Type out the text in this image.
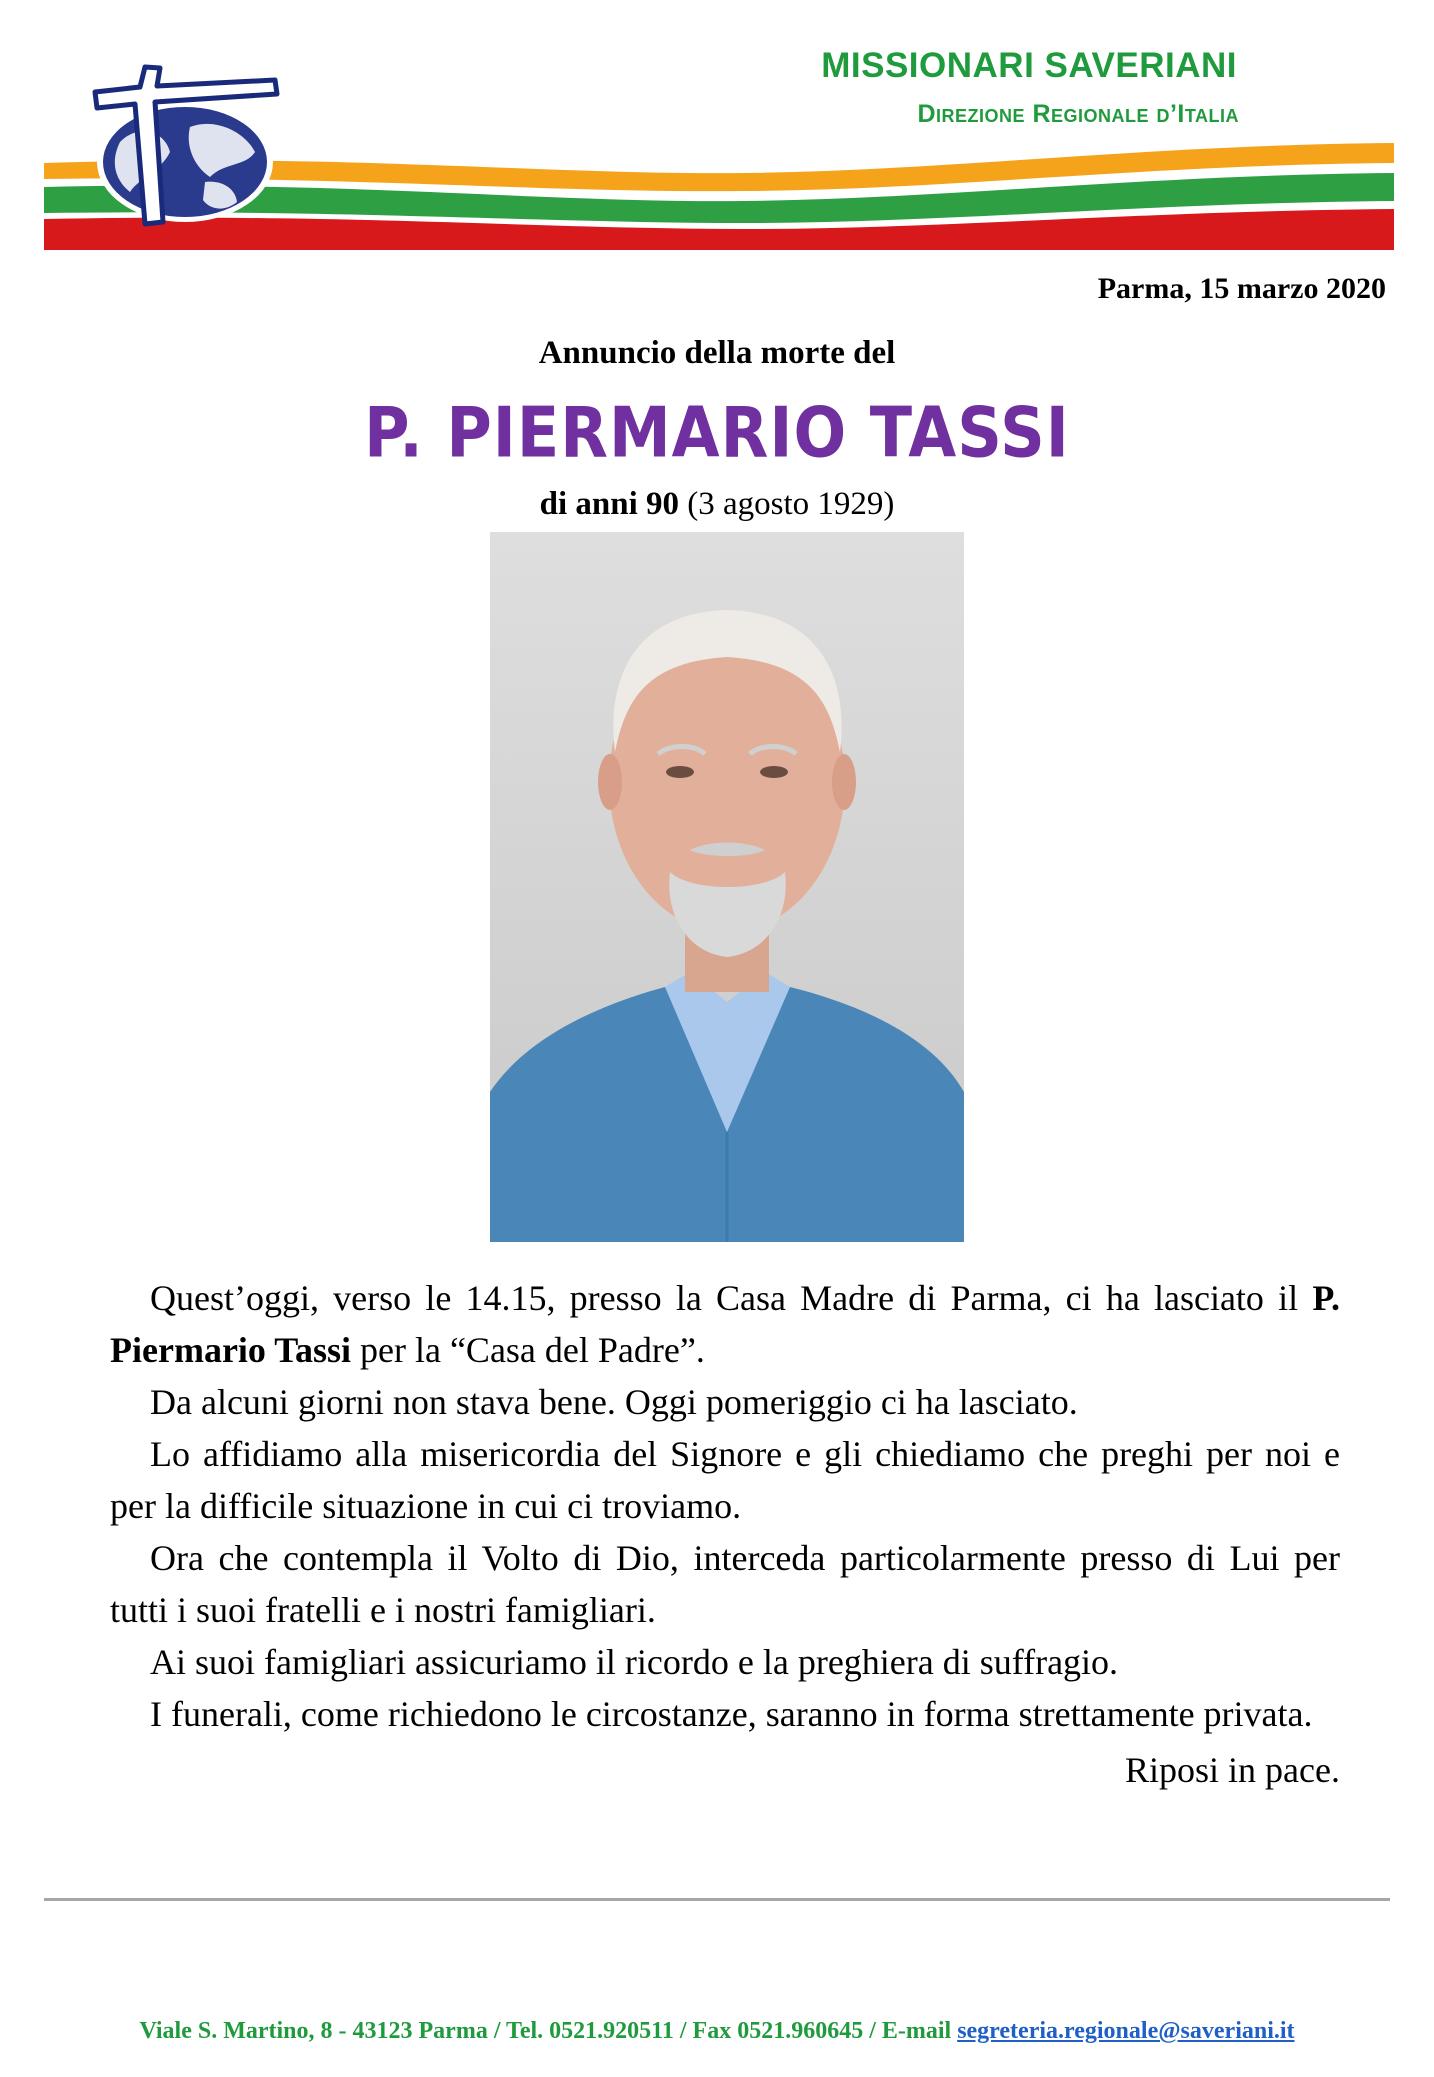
MISSIONARI SAVERIANI
Direzione Regionale d’Italia
Parma, 15 marzo 2020
Annuncio della morte del
P. PIERMARIO TASSI
di anni 90 (3 agosto 1929)

Quest’oggi, verso le 14.15, presso la Casa Madre di Parma, ci ha lasciato il P. Piermario Tassi per la “Casa del Padre”.

Da alcuni giorni non stava bene. Oggi pomeriggio ci ha lasciato.

Lo affidiamo alla misericordia del Signore e gli chiediamo che preghi per noi e per la difficile situazione in cui ci troviamo.

Ora che contempla il Volto di Dio, interceda particolarmente presso di Lui per tutti i suoi fratelli e i nostri famigliari.

Ai suoi famigliari assicuriamo il ricordo e la preghiera di suffragio.

I funerali, come richiedono le circostanze, saranno in forma strettamente privata.

Riposi in pace.

Viale S. Martino, 8 - 43123 Parma / Tel. 0521.920511 / Fax 0521.960645 / E-mail segreteria.regionale@saveriani.it
